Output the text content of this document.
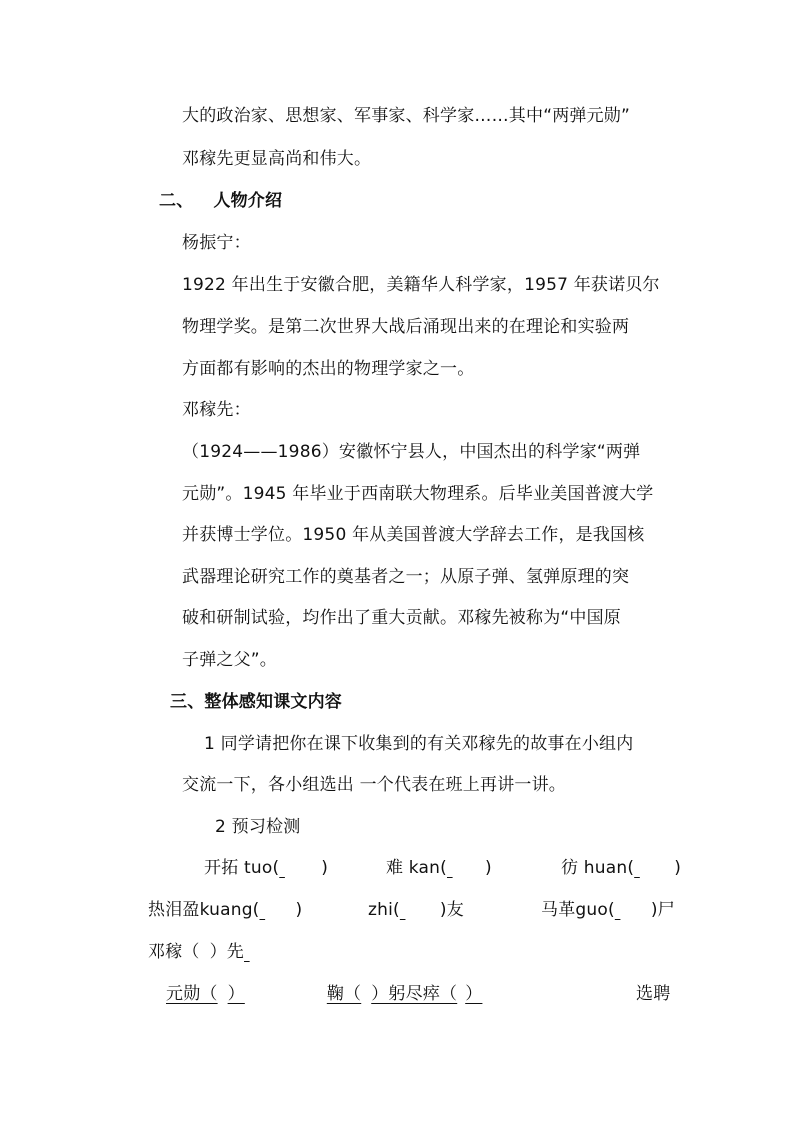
大的政治家、思想家、军事家、科学家……其中“两弹元勋”
邓稼先更显高尚和伟大。
二、 人物介绍
杨振宁：
1922 年出生于安徽合肥，美籍华人科学家，1957 年获诺贝尔
物理学奖。是第二次世界大战后涌现出来的在理论和实验两
方面都有影响的杰出的物理学家之一。
邓稼先：
（1924——1986）安徽怀宁县人，中国杰出的科学家“两弹
元勋”。1945 年毕业于西南联大物理系。后毕业美国普渡大学
并获博士学位。1950 年从美国普渡大学辞去工作，是我国核
武器理论研究工作的奠基者之一；从原子弹、氢弹原理的突
破和研制试验，均作出了重大贡献。邓稼先被称为“中国原
子弹之父”。
三、整体感知课文内容
1 同学请把你在课下收集到的有关邓稼先的故事在小组内
交流一下，各小组选出 一个代表在班上再讲一讲。
2 预习检测
开拓 tuo( )	难 kan( )	彷 huan( )
热泪盈kuang( )	zhi( )友	马革guo( )尸
邓稼（ ）先
元勋（ ）	鞠（ ）躬尽瘁（ ）	选聘
